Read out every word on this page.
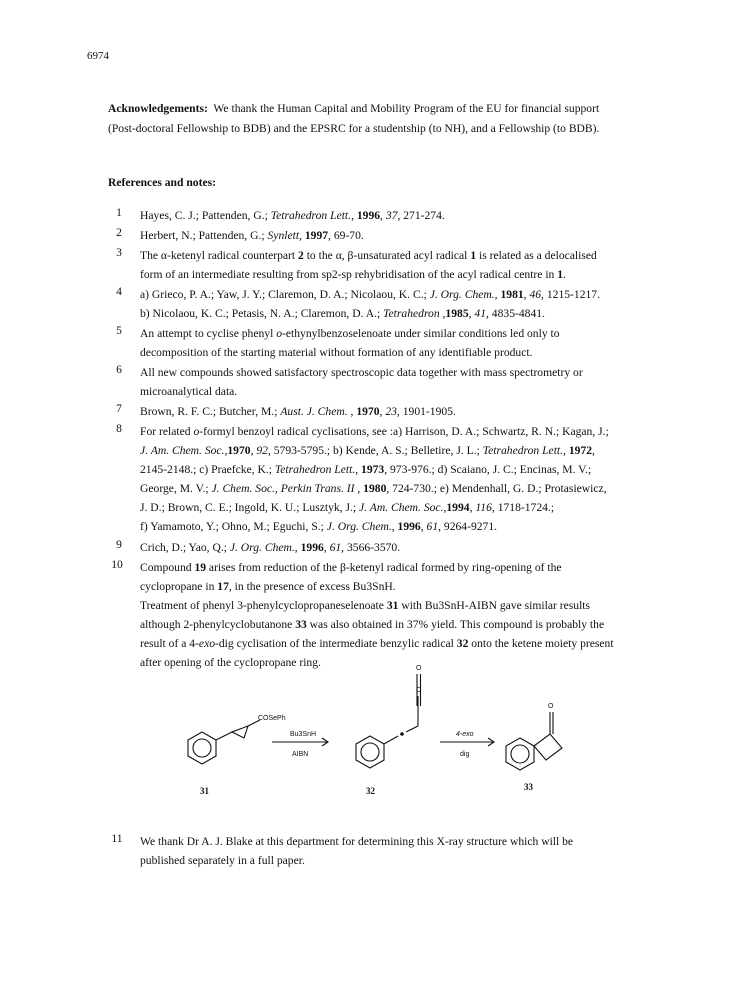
6974
Acknowledgements: We thank the Human Capital and Mobility Program of the EU for financial support
(Post-doctoral Fellowship to BDB) and the EPSRC for a studentship (to NH), and a Fellowship (to BDB).
References and notes:
1	Hayes, C. J.; Pattenden, G.; Tetrahedron Lett., 1996, 37, 271-274.
2	Herbert, N.; Pattenden, G.; Synlett, 1997, 69-70.
3	The α-ketenyl radical counterpart 2 to the α, β-unsaturated acyl radical 1 is related as a delocalised
form of an intermediate resulting from sp2-sp rehybridisation of the acyl radical centre in 1.
4	a) Grieco, P. A.; Yaw, J. Y.; Claremon, D. A.; Nicolaou, K. C.; J. Org. Chem., 1981, 46, 1215-1217.
b) Nicolaou, K. C.; Petasis, N. A.; Claremon, D. A.; Tetrahedron ,1985, 41, 4835-4841.
5	An attempt to cyclise phenyl o-ethynylbenzoselenoate under similar conditions led only to
decomposition of the starting material without formation of any identifiable product.
6	All new compounds showed satisfactory spectroscopic data together with mass spectrometry or
microanalytical data.
7	Brown, R. F. C.; Butcher, M.; Aust. J. Chem. , 1970, 23, 1901-1905.
8	For related o-formyl benzoyl radical cyclisations, see :a) Harrison, D. A.; Schwartz, R. N.; Kagan, J.;
J. Am. Chem. Soc.,1970, 92, 5793-5795.; b) Kende, A. S.; Belletire, J. L.; Tetrahedron Lett., 1972,
2145-2148.; c) Praefcke, K.; Tetrahedron Lett., 1973, 973-976.; d) Scaiano, J. C.; Encinas, M. V.;
George, M. V.; J. Chem. Soc., Perkin Trans. II , 1980, 724-730.; e) Mendenhall, G. D.; Protasiewicz,
J. D.; Brown, C. E.; Ingold, K. U.; Lusztyk, J.; J. Am. Chem. Soc.,1994, 116, 1718-1724.;
f) Yamamoto, Y.; Ohno, M.; Eguchi, S.; J. Org. Chem., 1996, 61, 9264-9271.
9	Crich, D.; Yao, Q.; J. Org. Chem., 1996, 61, 3566-3570.
10	Compound 19 arises from reduction of the β-ketenyl radical formed by ring-opening of the
cyclopropane in 17, in the presence of excess Bu3SnH.
Treatment of phenyl 3-phenylcyclopropaneselenoate 31 with Bu3SnH-AIBN gave similar results
although 2-phenylcyclobutanone 33 was also obtained in 37% yield. This compound is probably the
result of a 4-exo-dig cyclisation of the intermediate benzylic radical 32 onto the ketene moiety present
after opening of the cyclopropane ring.
11	We thank Dr A. J. Blake at this department for determining this X-ray structure which will be
published separately in a full paper.
COSePh
Bu3SnH
AIBN
O
C
4-exo
dig
O
31	32	33
